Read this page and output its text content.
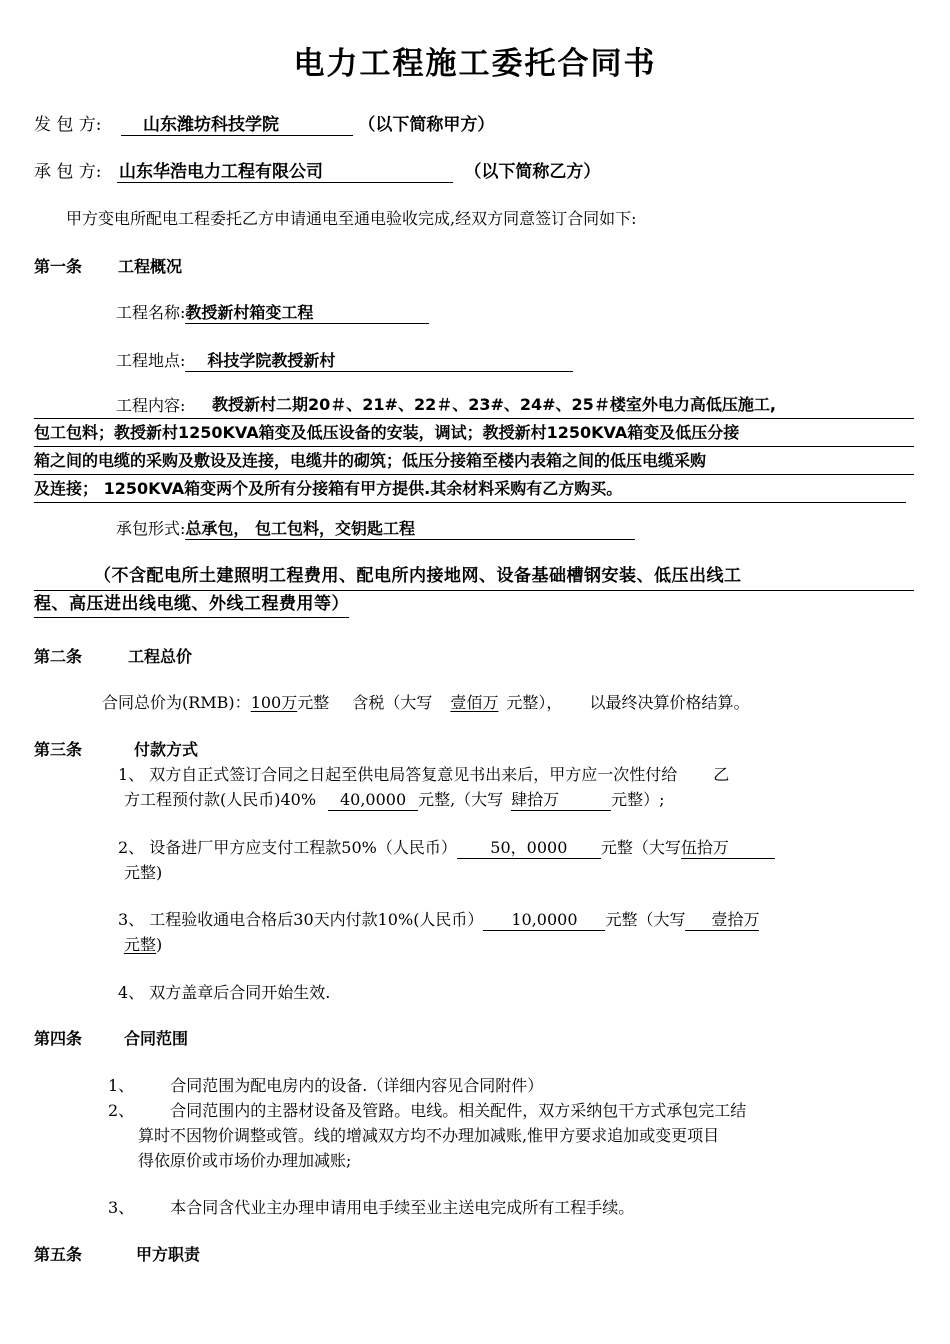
电力工程施工委托合同书
发 包 方: 山东潍坊科技学院	（以下简称甲方）
承 包 方: 山东华浩电力工程有限公司	（以下简称乙方）
甲方变电所配电工程委托乙方申请通电至通电验收完成,经双方同意签订合同如下:
第一条 工程概况
工程名称:教授新村箱变工程
工程地点: 科技学院教授新村
工程内容:	教授新村二期20＃、21#、22＃、23#、24#、25＃楼室外电力高低压施工,
包工包料；教授新村1250KVA箱变及低压设备的安装，调试；教授新村1250KVA箱变及低压分接
箱之间的电缆的采购及敷设及连接，电缆井的砌筑；低压分接箱至楼内表箱之间的低压电缆采购
及连接； 1250KVA箱变两个及所有分接箱有甲方提供.其余材料采购有乙方购买。
承包形式:总承包， 包工包料，交钥匙工程
（不含配电所土建照明工程费用、配电所内接地网、设备基础槽钢安装、低压出线工
程、高压进出线电缆、外线工程费用等）
第二条	工程总价
合同总价为(RMB)：100万元整 含税（大写 壹佰万 元整）， 以最终决算价格结算。
第三条	付款方式
1、 双方自正式签订合同之日起至供电局答复意见书出来后，甲方应一次性付给 乙
方工程预付款(人民币)40% 40,0000 元整,（大写 肆拾万	元整）;
2、 设备进厂甲方应支付工程款50%（人民币） 50，0000 元整（大写伍拾万
元整)
3、 工程验收通电合格后30天内付款10%(人民币） 10,0000 元整（大写 壹拾万
元整)
4、 双方盖章后合同开始生效.
第四条	合同范围
1、 合同范围为配电房内的设备.（详细内容见合同附件）
2、 合同范围内的主器材设备及管路。电线。相关配件，双方采纳包干方式承包完工结
算时不因物价调整或管。线的增减双方均不办理加减账,惟甲方要求追加或变更项目
得依原价或市场价办理加减账;
3、 本合同含代业主办理申请用电手续至业主送电完成所有工程手续。
第五条	甲方职责
